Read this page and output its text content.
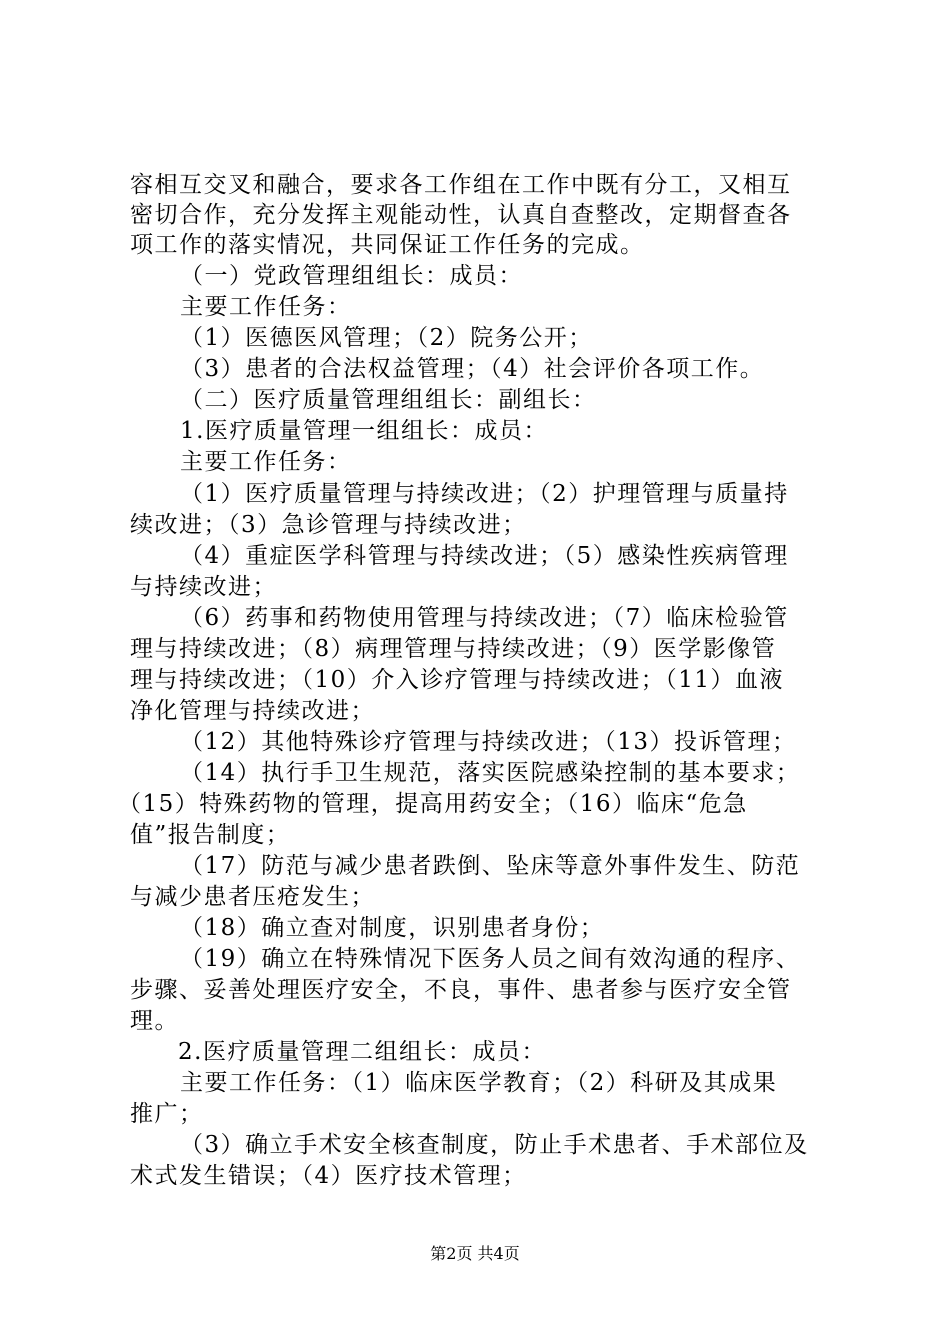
容相互交叉和融合，要求各工作组在工作中既有分工，又相互
密切合作，充分发挥主观能动性，认真自查整改，定期督查各
项工作的落实情况，共同保证工作任务的完成。
（一）党政管理组组长：成员：
主要工作任务：
（1）医德医风管理；（2）院务公开；
（3）患者的合法权益管理；（4）社会评价各项工作。
（二）医疗质量管理组组长：副组长：
1.医疗质量管理一组组长：成员：
主要工作任务：
（1）医疗质量管理与持续改进；（2）护理管理与质量持
续改进；（3）急诊管理与持续改进；
（4）重症医学科管理与持续改进；（5）感染性疾病管理
与持续改进；
（6）药事和药物使用管理与持续改进；（7）临床检验管
理与持续改进；（8）病理管理与持续改进；（9）医学影像管
理与持续改进；（10）介入诊疗管理与持续改进；（11）血液
净化管理与持续改进；
（12）其他特殊诊疗管理与持续改进；（13）投诉管理；
（14）执行手卫生规范，落实医院感染控制的基本要求；
（15）特殊药物的管理，提高用药安全；（16）临床“危急
值”报告制度；
（17）防范与减少患者跌倒、坠床等意外事件发生、防范
与减少患者压疮发生；
（18）确立查对制度，识别患者身份；
（19）确立在特殊情况下医务人员之间有效沟通的程序、
步骤、妥善处理医疗安全，不良，事件、患者参与医疗安全管
理。
2.医疗质量管理二组组长：成员：
主要工作任务：（1）临床医学教育；（2）科研及其成果
推广；
（3）确立手术安全核查制度，防止手术患者、手术部位及
术式发生错误；（4）医疗技术管理；
第2页 共4页
